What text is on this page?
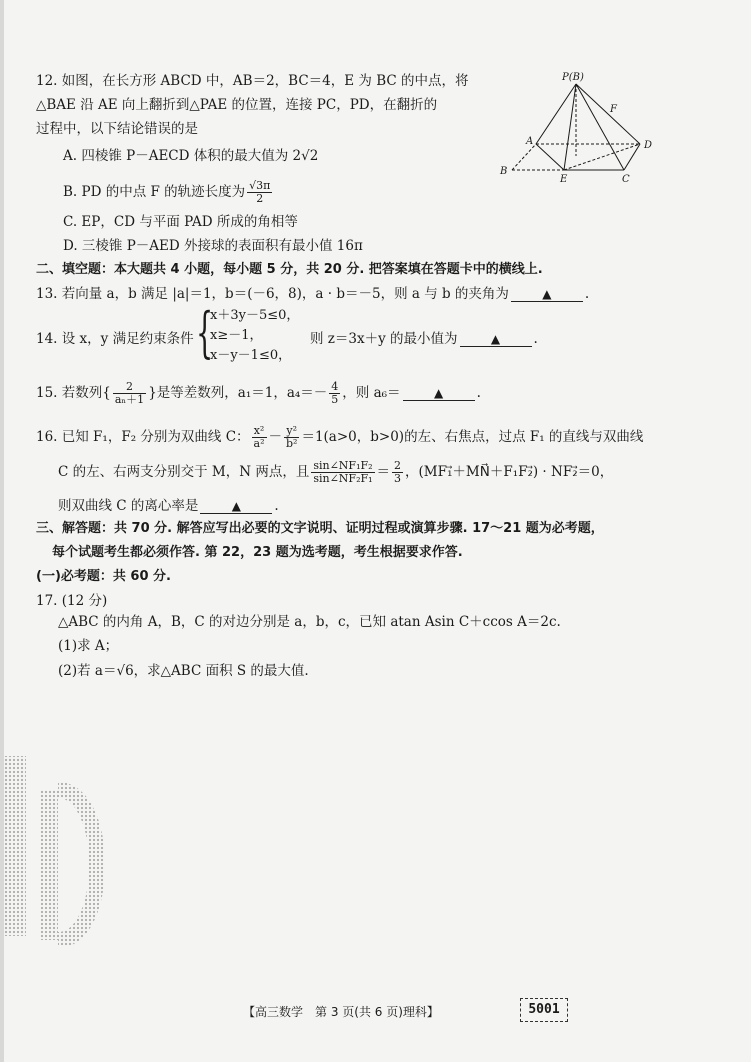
12. 如图，在长方形 ABCD 中，AB＝2，BC＝4，E 为 BC 的中点，将
△BAE 沿 AE 向上翻折到△PAE 的位置，连接 PC，PD，在翻折的
过程中，以下结论错误的是
A. 四棱锥 P－AECD 体积的最大值为 2√2
B. PD 的中点 F 的轨迹长度为 $\frac{√3\pi}{2}$
C. EP，CD 与平面 PAD 所成的角相等
D. 三棱锥 P－AED 外接球的表面积有最小值 16π
P(B)
F
A	D
B
E	C
二、填空题：本大题共 4 小题，每小题 5 分，共 20 分. 把答案填在答题卡中的横线上.
13. 若向量 a，b 满足 |a|＝1，b＝(－6，8)，a · b＝－5，则 a 与 b 的夹角为	▲ .
14. 设 x，y 满足约束条件 {
x＋3y－5≤0，
x≥－1，
x－y－1≤0，
则 z＝3x＋y 的最小值为	▲ .
15. 若数列{ $\frac{2}{\text{aₙ＋1}}$ }是等差数列，a₁＝1，$a_4=- \frac{4}{5}$ ，则 a₆＝	▲ .
16. 已知 F₁，F₂ 分别为双曲线 C： $\frac{\text{x²}}{\text{a²}} - \frac{\text{y²}}{\text{b²}} =1(a>0$，b>0)的左、右焦点，过点 F₁ 的直线与双曲线
C 的左、右两支分别交于 M，N 两点，且 $\frac{\text{sin∠NF₁F₂}}{\text{sin∠NF₂F₁}} = \frac{2}{3}$ ，(MF₁⃗＋MN⃗＋F₁F₂⃗) · NF₂⃗＝0，
则双曲线 C 的离心率是	▲ .
三、解答题：共 70 分. 解答应写出必要的文字说明、证明过程或演算步骤. 17～21 题为必考题，
每个试题考生都必须作答. 第 22，23 题为选考题，考生根据要求作答.
(一)必考题：共 60 分.
17. (12 分)
△ABC 的内角 A，B，C 的对边分别是 a，b，c，已知 atan Asin C＋ccos A＝2c.
(1)求 A；
(2)若 a＝√6，求△ABC 面积 S 的最大值.
【高三数学　第 3 页(共 6 页)理科】	5001
